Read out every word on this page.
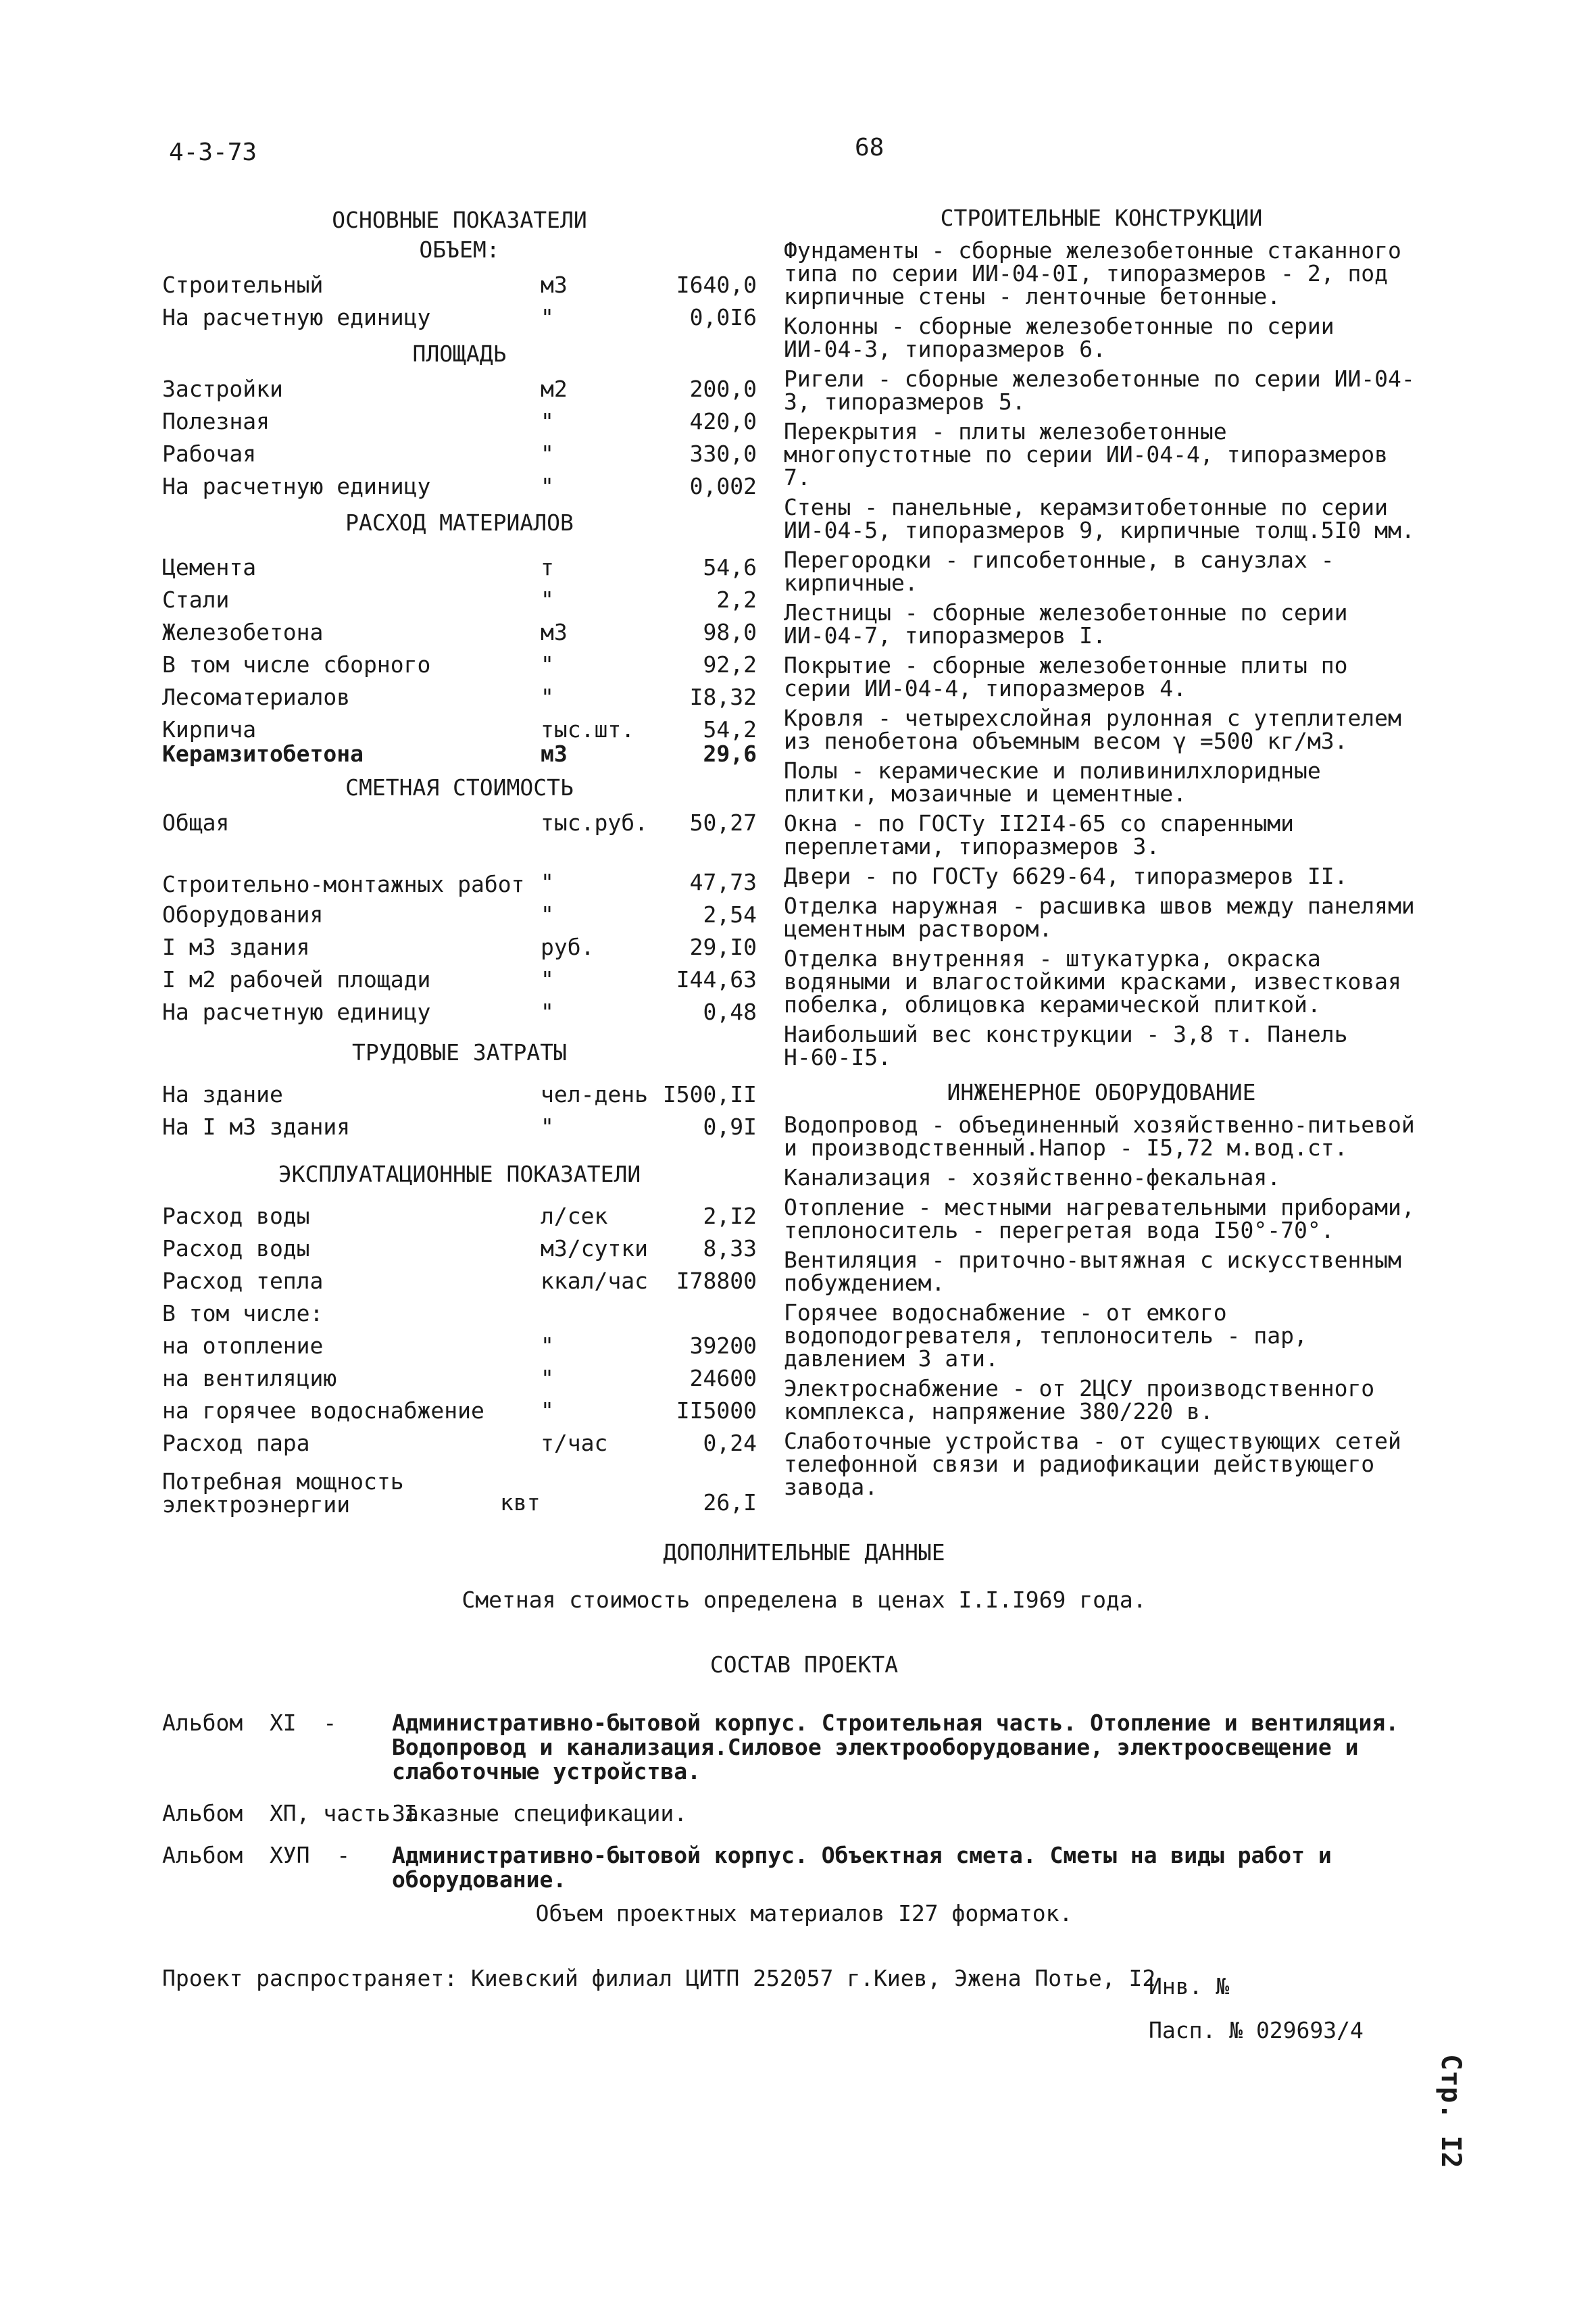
4-3-73	68
ОСНОВНЫЕ ПОКАЗАТЕЛИ
ОБЪЕМ:
Строительный	м3	I640,0
На расчетную единицу	"	0,0I6
ПЛОЩАДЬ
Застройки	м2	200,0
Полезная	"	420,0
Рабочая	"	330,0
На расчетную единицу	"	0,002
РАСХОД МАТЕРИАЛОВ
Цемента	т	54,6
Стали	"	2,2
Железобетона	м3	98,0
В том числе сборного	"	92,2
Лесоматериалов	"	I8,32
Кирпича	тыс.шт.	54,2
Керамзитобетона	м3	29,6
СМЕТНАЯ СТОИМОСТЬ
Общая	тыс.руб.	50,27
Строительно-монтажных работ "	47,73
Оборудования	"	2,54
I м3 здания	руб.	29,I0
I м2 рабочей площади	"	I44,63
На расчетную единицу	"	0,48
ТРУДОВЫЕ ЗАТРАТЫ
На здание	чел-день I500,II
На I м3 здания	"	0,9I
ЭКСПЛУАТАЦИОННЫЕ ПОКАЗАТЕЛИ
Расход воды	л/сек	2,I2
Расход воды	м3/сутки	8,33
Расход тепла	ккал/час	I78800
В том числе:
на отопление	"	39200
на вентиляцию	"	24600
на горячее водоснабжение	"	II5000
Расход пара	т/час	0,24
Потребная мощность электроэнергии	квт	26,I
СТРОИТЕЛЬНЫЕ КОНСТРУКЦИИ
Фундаменты - сборные железобетонные стаканного типа по серии ИИ-04-0I, типоразмеров - 2, под кирпичные стены - ленточные бетонные.
Колонны - сборные железобетонные по серии ИИ-04-3, типоразмеров 6.
Ригели - сборные железобетонные по серии ИИ-04-3, типоразмеров 5.
Перекрытия - плиты железобетонные многопустотные по серии ИИ-04-4, типоразмеров 7.
Стены - панельные, керамзитобетонные по серии ИИ-04-5, типоразмеров 9, кирпичные толщ.5I0 мм.
Перегородки - гипсобетонные, в санузлах - кирпичные.
Лестницы - сборные железобетонные по серии ИИ-04-7, типоразмеров I.
Покрытие - сборные железобетонные плиты по серии ИИ-04-4, типоразмеров 4.
Кровля - четырехслойная рулонная с утеплителем из пенобетона объемным весом γ =500 кг/м3.
Полы - керамические и поливинилхлоридные плитки, мозаичные и цементные.
Окна - по ГОСТу II2I4-65 со спаренными переплетами, типоразмеров 3.
Двери - по ГОСТу 6629-64, типоразмеров II.
Отделка наружная - расшивка швов между панелями цементным раствором.
Отделка внутренняя - штукатурка, окраска водяными и влагостойкими красками, известковая побелка, облицовка керамической плиткой.
Наибольший вес конструкции - 3,8 т. Панель Н-60-I5.
ИНЖЕНЕРНОЕ ОБОРУДОВАНИЕ
Водопровод - объединенный хозяйственно-питьевой и производственный.Напор - I5,72 м.вод.ст.
Канализация - хозяйственно-фекальная.
Отопление - местными нагревательными приборами, теплоноситель - перегретая вода I50°-70°.
Вентиляция - приточно-вытяжная с искусственным побуждением.
Горячее водоснабжение - от емкого водоподогревателя, теплоноситель - пар, давлением 3 ати.
Электроснабжение - от 2ЦСУ производственного комплекса, напряжение 380/220 в.
Слаботочные устройства - от существующих сетей телефонной связи и радиофикации действующего завода.
ДОПОЛНИТЕЛЬНЫЕ ДАННЫЕ
Сметная стоимость определена в ценах I.I.I969 года.
СОСТАВ ПРОЕКТА
Альбом  XI  -	Административно-бытовой корпус. Строительная часть. Отопление и вентиляция. Водопровод и канализация.Силовое электрооборудование, электроосвещение и слаботочные устройства.
Альбом  XП, часть I  -
Заказные спецификации.
Альбом  ХУП  -	Административно-бытовой корпус. Объектная смета. Сметы на виды работ и оборудование.
Объем проектных материалов I27 форматок.
Проект распространяет: Киевский филиал ЦИТП 252057 г.Киев, Эжена Потье, I2
Инв. №
Пасп. № 029693/4
Стр. I2
